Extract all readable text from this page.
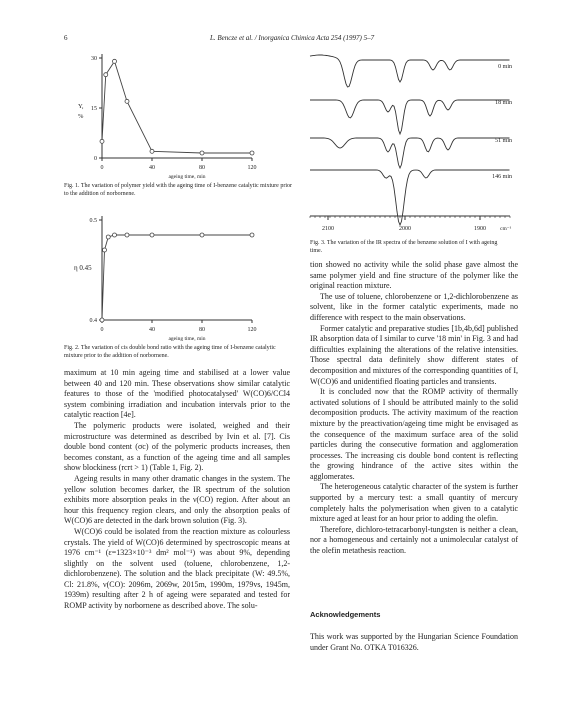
6	L. Bencze et al. / Inorganica Chimica Acta 254 (1997) 5–7
0	40	80	120
0
15
30
ageing time, min
Y,
%
Fig. 1. The variation of polymer yield with the ageing time of I-benzene catalytic mixture prior to the addition of norbornene.
0	40	80	120
0.4
0.5
ageing time, min
η 0.45
Fig. 2. The variation of cis double bond ratio with the ageing time of I-benzene catalytic mixture prior to the addition of norbornene.
2100	2000	1900	cm⁻¹
0 min
18 min
51 min
146 min
Fig. 3. The variation of the IR spectra of the benzene solution of I with ageing time.

maximum at 10 min ageing time and stabilised at a lower value between 40 and 120 min. These observations show similar catalytic features to those of the 'modified photocatalysed' W(CO)6/CCl4 system combining irradiation and incubation intervals prior to the catalytic reaction [4e].

The polymeric products were isolated, weighed and their microstructure was determined as described by Ivin et al. [7]. Cis double bond content (σc) of the polymeric products increases, then becomes constant, as a function of the ageing time and all samples show blockiness (rcrt > 1) (Table 1, Fig. 2).

Ageing results in many other dramatic changes in the system. The yellow solution becomes darker, the IR spectrum of the solution exhibits more absorption peaks in the ν(CO) region. After about an hour this frequency region clears, and only the absorption peaks of W(CO)6 are detected in the dark brown solution (Fig. 3).

W(CO)6 could be isolated from the reaction mixture as colourless crystals. The yield of W(CO)6 determined by spectroscopic means at 1976 cm⁻¹ (ε=1323×10⁻³ dm² mol⁻¹) was about 9%, depending slightly on the solvent used (toluene, chlorobenzene, 1,2-dichlorobenzene). The solution and the black precipitate (W: 49.5%, Cl: 21.8%, ν(CO): 2096m, 2069w, 2015m, 1990m, 1979vs, 1945m, 1939m) resulting after 2 h of ageing were separated and tested for ROMP activity by norbornene as described above. The solu-

tion showed no activity while the solid phase gave almost the same polymer yield and fine structure of the polymer like the original reaction mixture.

The use of toluene, chlorobenzene or 1,2-dichlorobenzene as solvent, like in the former catalytic experiments, made no difference with respect to the main observations.

Former catalytic and preparative studies [1b,4b,6d] published IR absorption data of I similar to curve '18 min' in Fig. 3 and had difficulties explaining the alterations of the relative intensities. Those spectral data definitely show different states of decomposition and mixtures of the corresponding quantities of I, W(CO)6 and unidentified floating particles and transients.

It is concluded now that the ROMP activity of thermally activated solutions of I should be attributed mainly to the solid decomposition products. The activity maximum of the reaction mixture by the preactivation/ageing time might be envisaged as the consequence of the maximum surface area of the solid particles during the consecutive formation and agglomeration processes. The increasing cis double bond content is reflecting the growing hindrance of the active sites within the agglomerates.

The heterogeneous catalytic character of the system is further supported by a mercury test: a small quantity of mercury completely halts the polymerisation when given to a catalytic mixture aged at least for an hour prior to adding the olefin.

Therefore, dichloro-tetracarbonyl-tungsten is neither a clean, nor a homogeneous and certainly not a unimolecular catalyst of the olefin metathesis reaction.

Acknowledgements
This work was supported by the Hungarian Science Foundation under Grant No. OTKA T016326.
